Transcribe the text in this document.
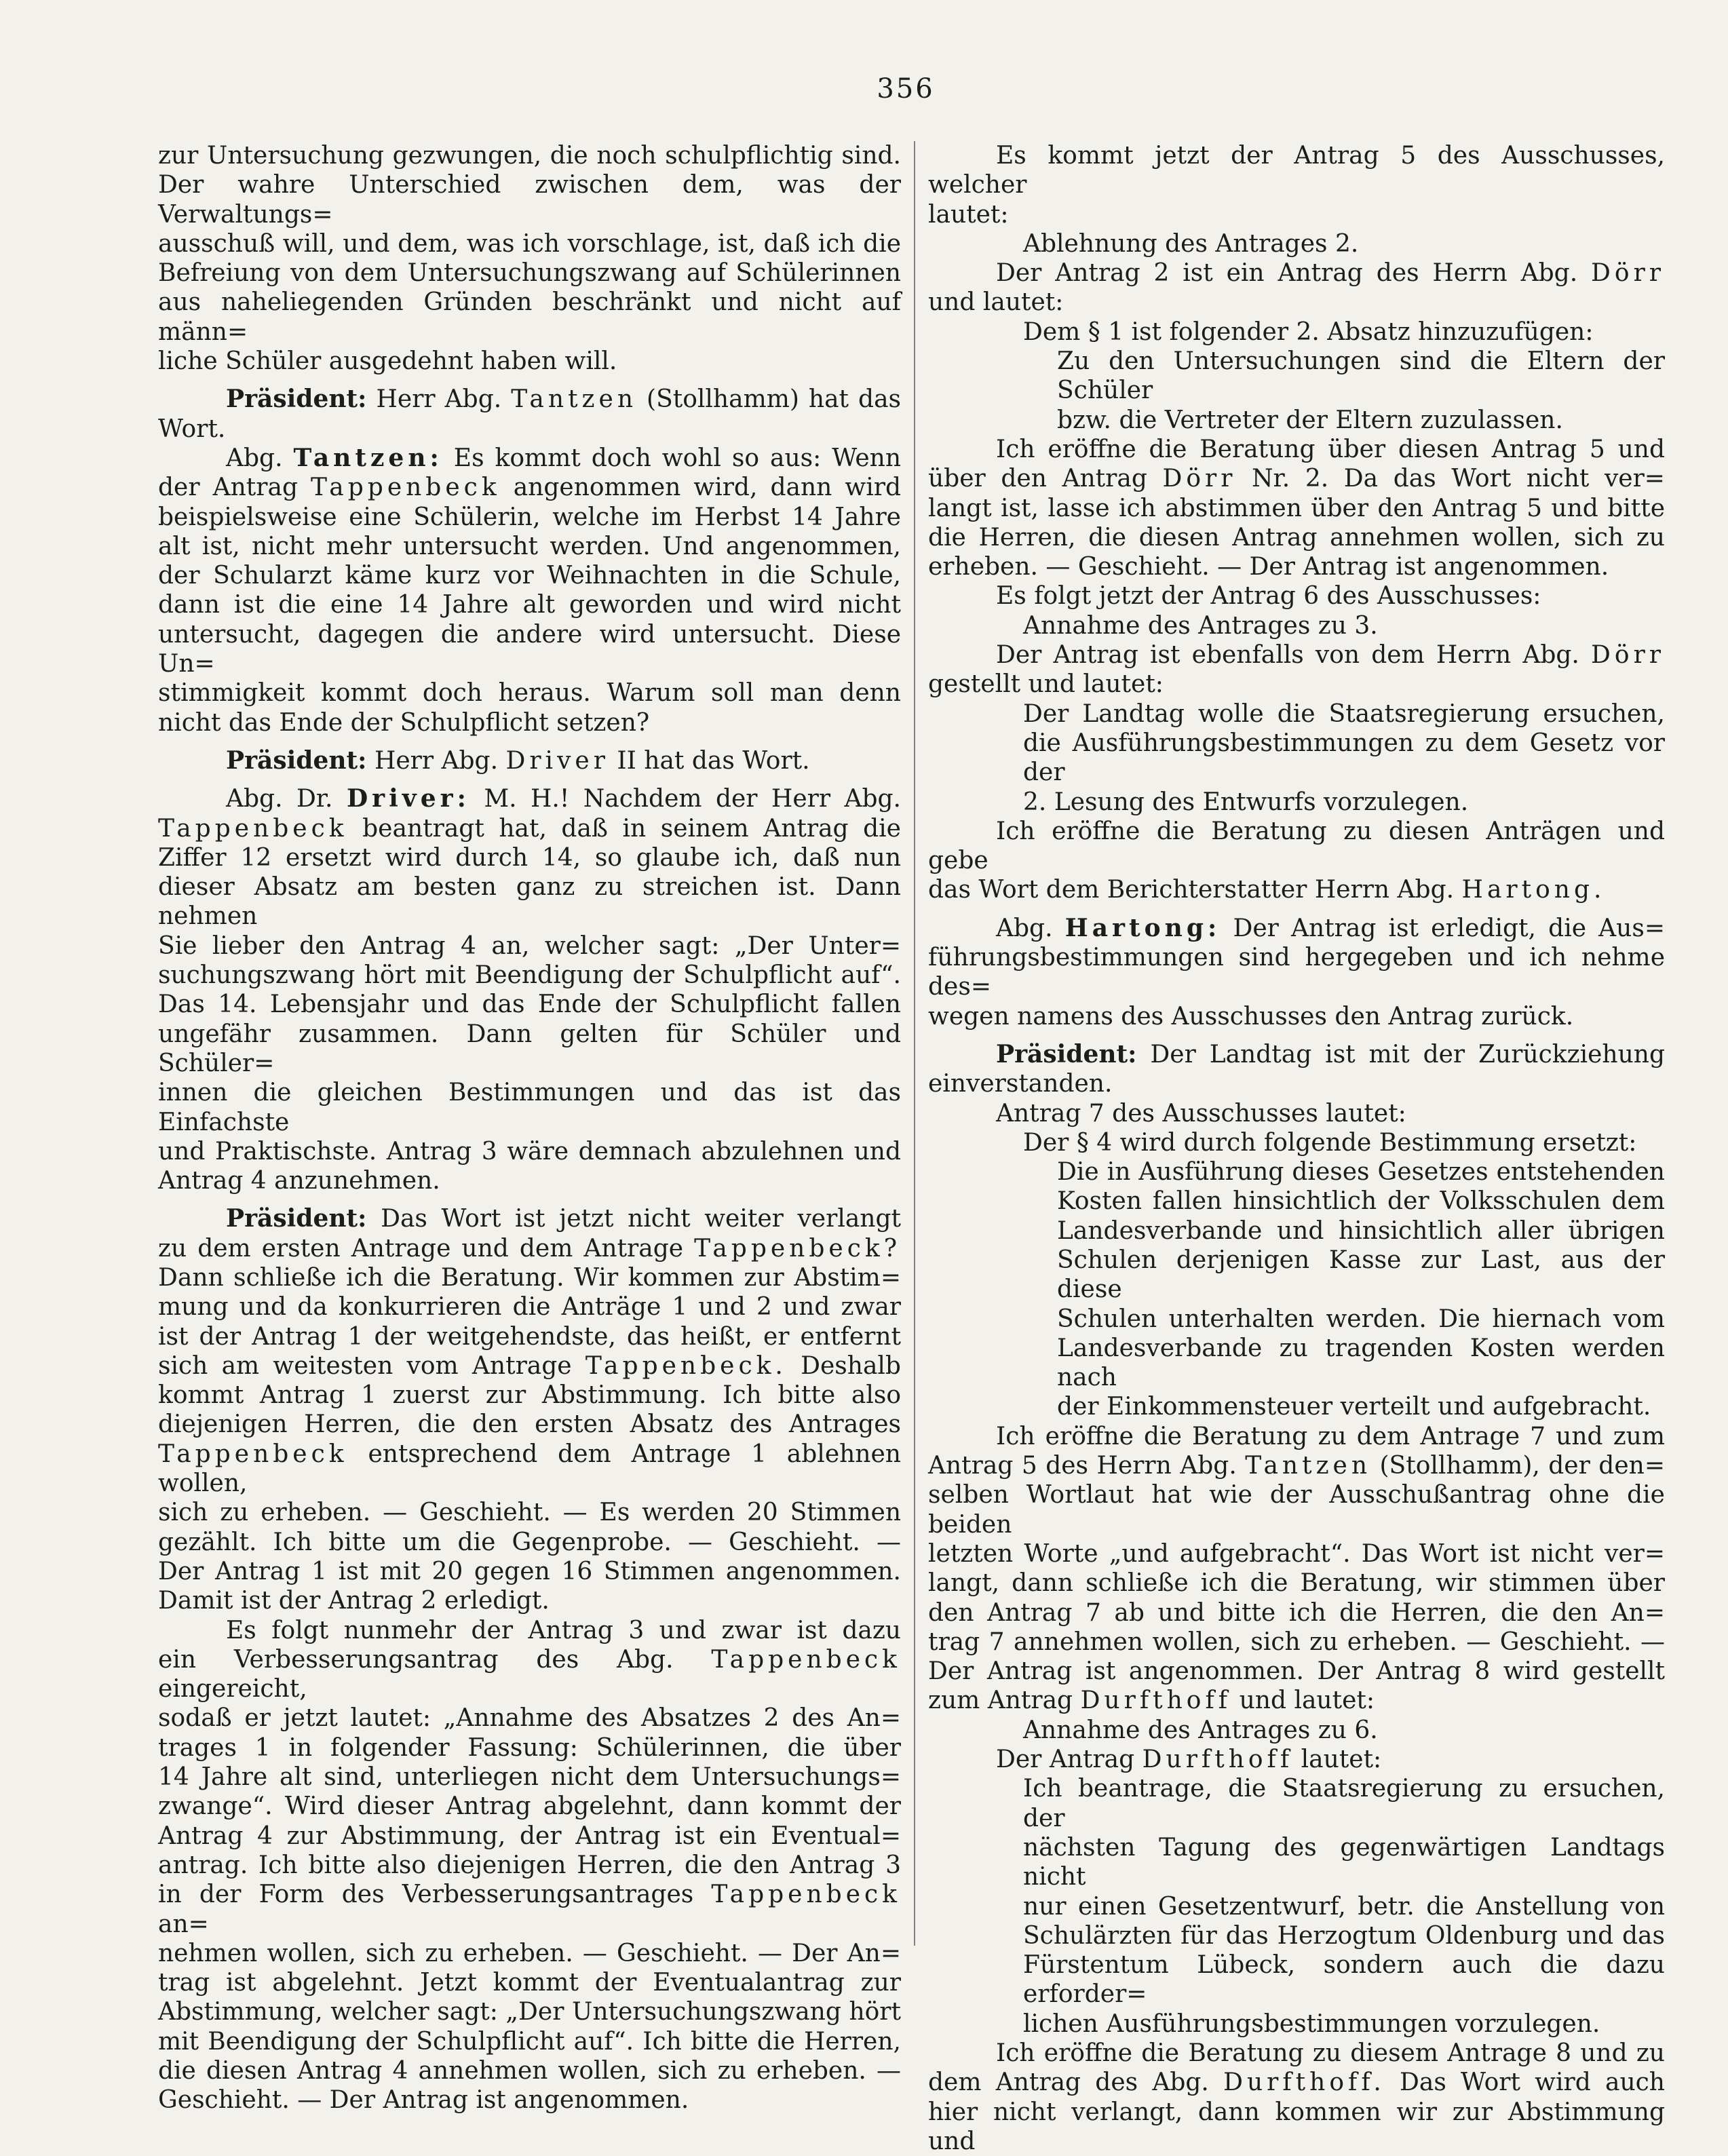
356

zur Untersuchung gezwungen, die noch schulpflichtig sind.

Der wahre Unterschied zwischen dem, was der Verwaltungs=

ausschuß will, und dem, was ich vorschlage, ist, daß ich die

Befreiung von dem Untersuchungszwang auf Schülerinnen

aus naheliegenden Gründen beschränkt und nicht auf männ=

liche Schüler ausgedehnt haben will.

Präsident: Herr Abg. Tantzen (Stollhamm) hat das

Wort.

Abg. Tantzen: Es kommt doch wohl so aus: Wenn

der Antrag Tappenbeck angenommen wird, dann wird

beispielsweise eine Schülerin, welche im Herbst 14 Jahre

alt ist, nicht mehr untersucht werden. Und angenommen,

der Schularzt käme kurz vor Weihnachten in die Schule,

dann ist die eine 14 Jahre alt geworden und wird nicht

untersucht, dagegen die andere wird untersucht. Diese Un=

stimmigkeit kommt doch heraus. Warum soll man denn

nicht das Ende der Schulpflicht setzen?

Präsident: Herr Abg. Driver II hat das Wort.

Abg. Dr. Driver: M. H.! Nachdem der Herr Abg.

Tappenbeck beantragt hat, daß in seinem Antrag die

Ziffer 12 ersetzt wird durch 14, so glaube ich, daß nun

dieser Absatz am besten ganz zu streichen ist. Dann nehmen

Sie lieber den Antrag 4 an, welcher sagt: „Der Unter=

suchungszwang hört mit Beendigung der Schulpflicht auf“.

Das 14. Lebensjahr und das Ende der Schulpflicht fallen

ungefähr zusammen. Dann gelten für Schüler und Schüler=

innen die gleichen Bestimmungen und das ist das Einfachste

und Praktischste. Antrag 3 wäre demnach abzulehnen und

Antrag 4 anzunehmen.

Präsident: Das Wort ist jetzt nicht weiter verlangt

zu dem ersten Antrage und dem Antrage Tappenbeck?

Dann schließe ich die Beratung. Wir kommen zur Abstim=

mung und da konkurrieren die Anträge 1 und 2 und zwar

ist der Antrag 1 der weitgehendste, das heißt, er entfernt

sich am weitesten vom Antrage Tappenbeck. Deshalb

kommt Antrag 1 zuerst zur Abstimmung. Ich bitte also

diejenigen Herren, die den ersten Absatz des Antrages

Tappenbeck entsprechend dem Antrage 1 ablehnen wollen,

sich zu erheben. — Geschieht. — Es werden 20 Stimmen

gezählt. Ich bitte um die Gegenprobe. — Geschieht. —

Der Antrag 1 ist mit 20 gegen 16 Stimmen angenommen.

Damit ist der Antrag 2 erledigt.

Es folgt nunmehr der Antrag 3 und zwar ist dazu

ein Verbesserungsantrag des Abg. Tappenbeck eingereicht,

sodaß er jetzt lautet: „Annahme des Absatzes 2 des An=

trages 1 in folgender Fassung: Schülerinnen, die über

14 Jahre alt sind, unterliegen nicht dem Untersuchungs=

zwange“. Wird dieser Antrag abgelehnt, dann kommt der

Antrag 4 zur Abstimmung, der Antrag ist ein Eventual=

antrag. Ich bitte also diejenigen Herren, die den Antrag 3

in der Form des Verbesserungsantrages Tappenbeck an=

nehmen wollen, sich zu erheben. — Geschieht. — Der An=

trag ist abgelehnt. Jetzt kommt der Eventualantrag zur

Abstimmung, welcher sagt: „Der Untersuchungszwang hört

mit Beendigung der Schulpflicht auf“. Ich bitte die Herren,

die diesen Antrag 4 annehmen wollen, sich zu erheben. —

Geschieht. — Der Antrag ist angenommen.

Es kommt jetzt der Antrag 5 des Ausschusses, welcher

lautet:

Ablehnung des Antrages 2.

Der Antrag 2 ist ein Antrag des Herrn Abg. Dörr

und lautet:

Dem § 1 ist folgender 2. Absatz hinzuzufügen:

Zu den Untersuchungen sind die Eltern der Schüler

bzw. die Vertreter der Eltern zuzulassen.

Ich eröffne die Beratung über diesen Antrag 5 und

über den Antrag Dörr Nr. 2. Da das Wort nicht ver=

langt ist, lasse ich abstimmen über den Antrag 5 und bitte

die Herren, die diesen Antrag annehmen wollen, sich zu

erheben. — Geschieht. — Der Antrag ist angenommen.

Es folgt jetzt der Antrag 6 des Ausschusses:

Annahme des Antrages zu 3.

Der Antrag ist ebenfalls von dem Herrn Abg. Dörr

gestellt und lautet:

Der Landtag wolle die Staatsregierung ersuchen,

die Ausführungsbestimmungen zu dem Gesetz vor der

2. Lesung des Entwurfs vorzulegen.

Ich eröffne die Beratung zu diesen Anträgen und gebe

das Wort dem Berichterstatter Herrn Abg. Hartong.

Abg. Hartong: Der Antrag ist erledigt, die Aus=

führungsbestimmungen sind hergegeben und ich nehme des=

wegen namens des Ausschusses den Antrag zurück.

Präsident: Der Landtag ist mit der Zurückziehung

einverstanden.

Antrag 7 des Ausschusses lautet:

Der § 4 wird durch folgende Bestimmung ersetzt:

Die in Ausführung dieses Gesetzes entstehenden

Kosten fallen hinsichtlich der Volksschulen dem

Landesverbande und hinsichtlich aller übrigen

Schulen derjenigen Kasse zur Last, aus der diese

Schulen unterhalten werden. Die hiernach vom

Landesverbande zu tragenden Kosten werden nach

der Einkommensteuer verteilt und aufgebracht.

Ich eröffne die Beratung zu dem Antrage 7 und zum

Antrag 5 des Herrn Abg. Tantzen (Stollhamm), der den=

selben Wortlaut hat wie der Ausschußantrag ohne die beiden

letzten Worte „und aufgebracht“. Das Wort ist nicht ver=

langt, dann schließe ich die Beratung, wir stimmen über

den Antrag 7 ab und bitte ich die Herren, die den An=

trag 7 annehmen wollen, sich zu erheben. — Geschieht. —

Der Antrag ist angenommen. Der Antrag 8 wird gestellt

zum Antrag Durfthoff und lautet:

Annahme des Antrages zu 6.

Der Antrag Durfthoff lautet:

Ich beantrage, die Staatsregierung zu ersuchen, der

nächsten Tagung des gegenwärtigen Landtags nicht

nur einen Gesetzentwurf, betr. die Anstellung von

Schulärzten für das Herzogtum Oldenburg und das

Fürstentum Lübeck, sondern auch die dazu erforder=

lichen Ausführungsbestimmungen vorzulegen.

Ich eröffne die Beratung zu diesem Antrage 8 und zu

dem Antrag des Abg. Durfthoff. Das Wort wird auch

hier nicht verlangt, dann kommen wir zur Abstimmung und
